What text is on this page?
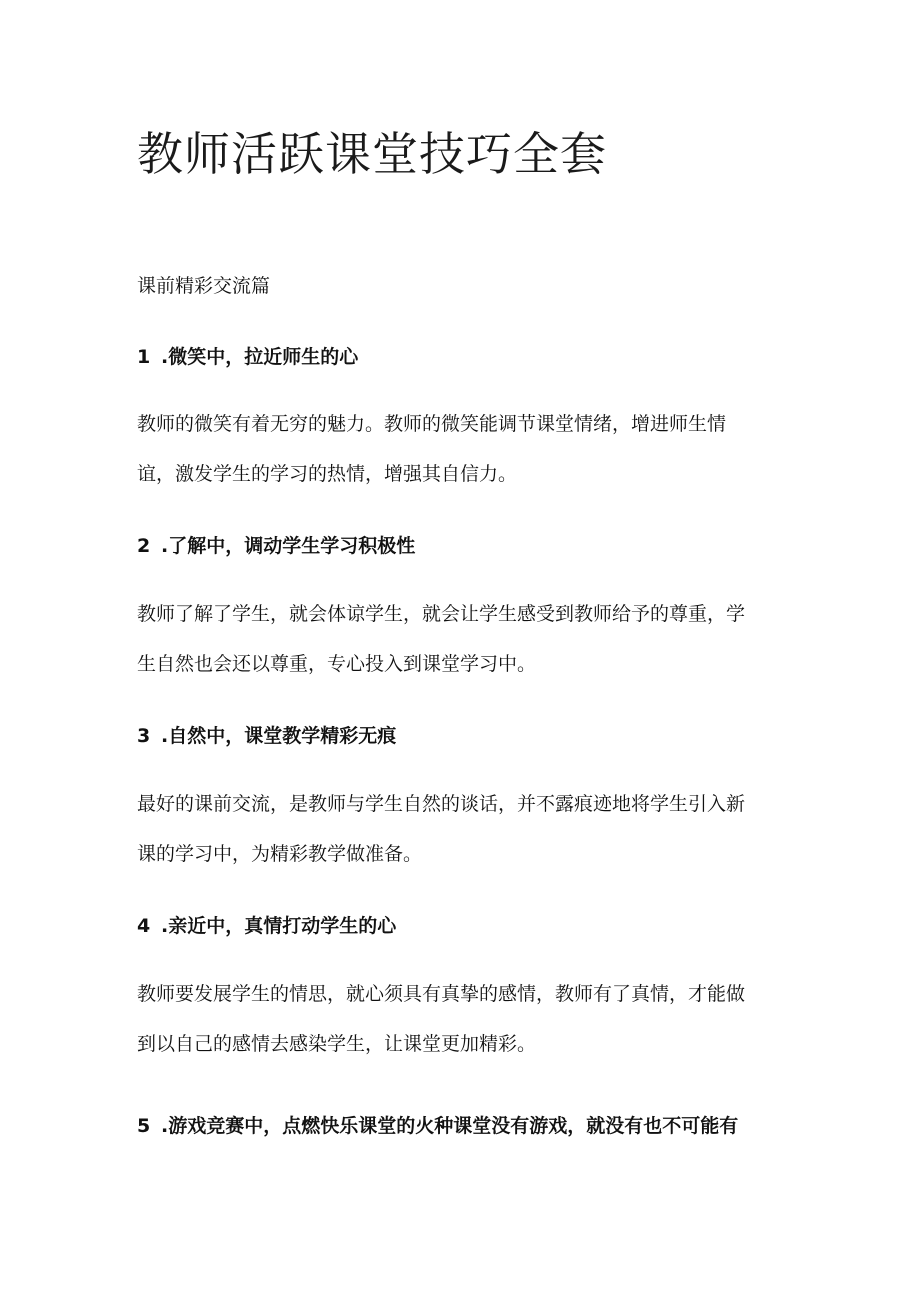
教师活跃课堂技巧全套

课前精彩交流篇

1 .微笑中，拉近师生的心

教师的微笑有着无穷的魅力。教师的微笑能调节课堂情绪，增进师生情
谊，激发学生的学习的热情，增强其自信力。

2 .了解中，调动学生学习积极性

教师了解了学生，就会体谅学生，就会让学生感受到教师给予的尊重，学
生自然也会还以尊重，专心投入到课堂学习中。

3 .自然中，课堂教学精彩无痕

最好的课前交流，是教师与学生自然的谈话，并不露痕迹地将学生引入新
课的学习中，为精彩教学做准备。

4 .亲近中，真情打动学生的心

教师要发展学生的情思，就心须具有真挚的感情，教师有了真情，才能做
到以自己的感情去感染学生，让课堂更加精彩。

5 .游戏竞赛中，点燃快乐课堂的火种课堂没有游戏，就没有也不可能有
